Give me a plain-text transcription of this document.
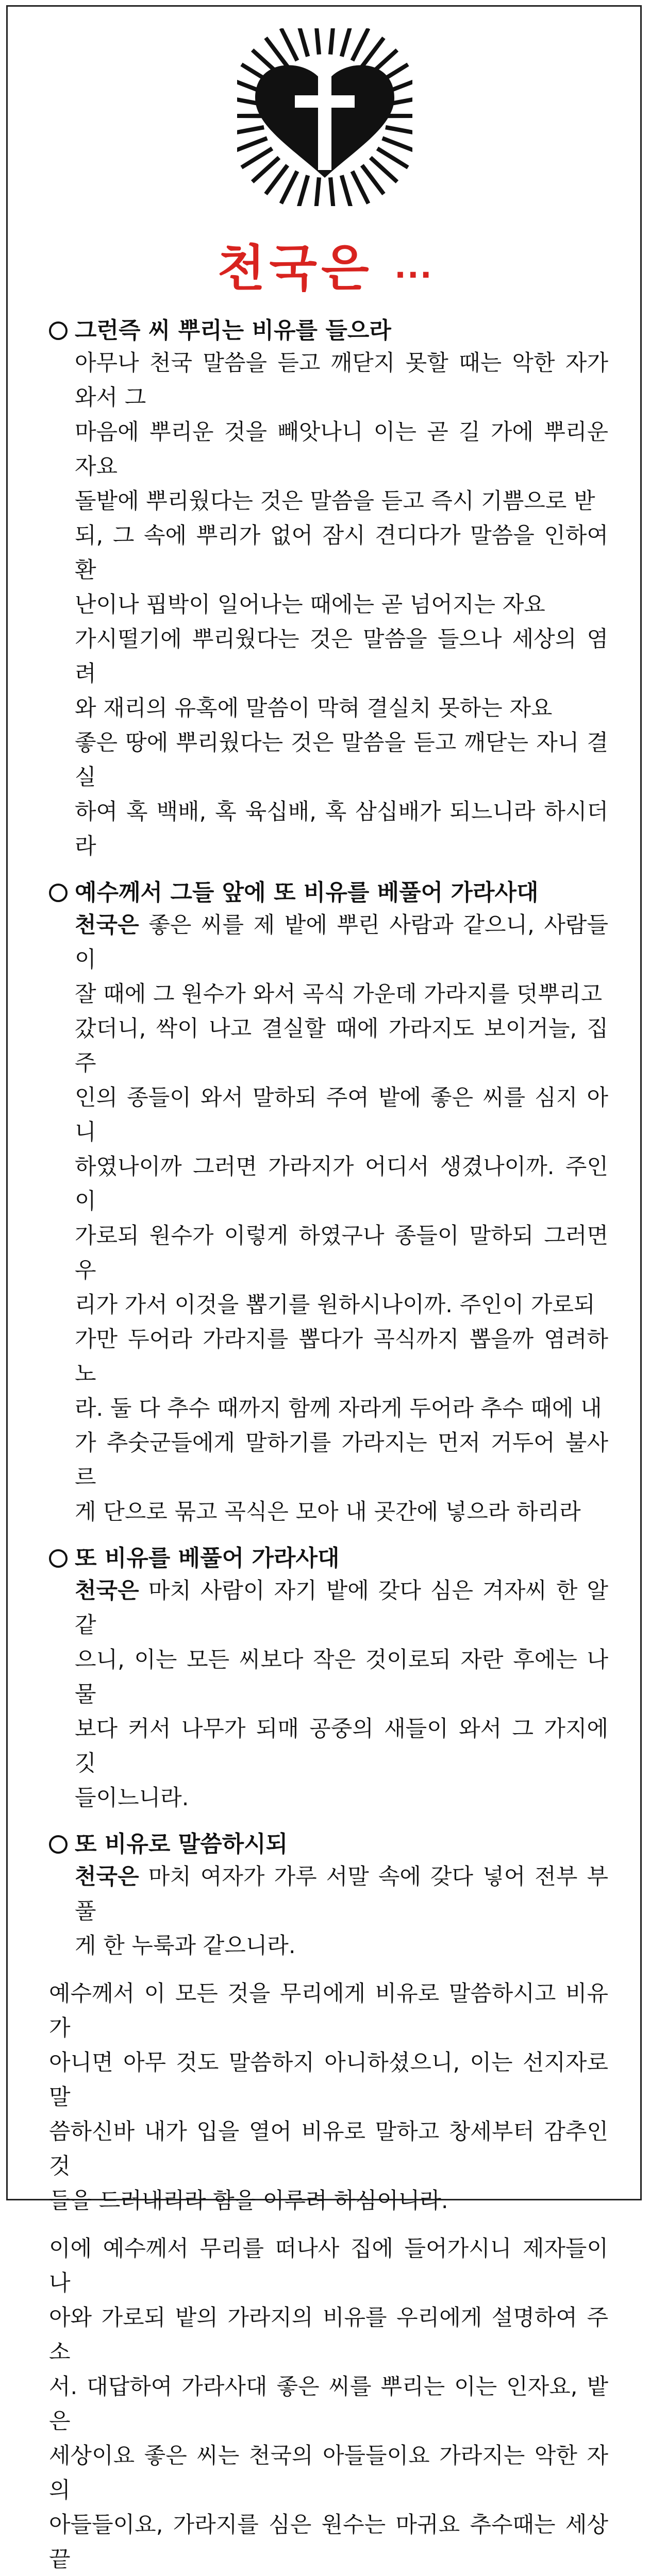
천국은 ···
그런즉 씨 뿌리는 비유를 들으라
아무나 천국 말씀을 듣고 깨닫지 못할 때는 악한 자가 와서 그
마음에 뿌리운 것을 빼앗나니 이는 곧 길 가에 뿌리운 자요
돌밭에 뿌리웠다는 것은 말씀을 듣고 즉시 기쁨으로 받
되, 그 속에 뿌리가 없어 잠시 견디다가 말씀을 인하여 환
난이나 핍박이 일어나는 때에는 곧 넘어지는 자요
가시떨기에 뿌리웠다는 것은 말씀을 들으나 세상의 염려
와 재리의 유혹에 말씀이 막혀 결실치 못하는 자요
좋은 땅에 뿌리웠다는 것은 말씀을 듣고 깨닫는 자니 결실
하여 혹 백배, 혹 육십배, 혹 삼십배가 되느니라 하시더라
예수께서 그들 앞에 또 비유를 베풀어 가라사대
천국은 좋은 씨를 제 밭에 뿌린 사람과 같으니, 사람들이
잘 때에 그 원수가 와서 곡식 가운데 가라지를 덧뿌리고
갔더니, 싹이 나고 결실할 때에 가라지도 보이거늘, 집 주
인의 종들이 와서 말하되 주여 밭에 좋은 씨를 심지 아니
하였나이까 그러면 가라지가 어디서 생겼나이까. 주인이
가로되 원수가 이렇게 하였구나 종들이 말하되 그러면 우
리가 가서 이것을 뽑기를 원하시나이까. 주인이 가로되
가만 두어라 가라지를 뽑다가 곡식까지 뽑을까 염려하노
라. 둘 다 추수 때까지 함께 자라게 두어라 추수 때에 내
가 추숫군들에게 말하기를 가라지는 먼저 거두어 불사르
게 단으로 묶고 곡식은 모아 내 곳간에 넣으라 하리라
또 비유를 베풀어 가라사대
천국은 마치 사람이 자기 밭에 갖다 심은 겨자씨 한 알 같
으니, 이는 모든 씨보다 작은 것이로되 자란 후에는 나물
보다 커서 나무가 되매 공중의 새들이 와서 그 가지에 깃
들이느니라.
또 비유로 말씀하시되
천국은 마치 여자가 가루 서말 속에 갖다 넣어 전부 부풀
게 한 누룩과 같으니라.
예수께서 이 모든 것을 무리에게 비유로 말씀하시고 비유가
아니면 아무 것도 말씀하지 아니하셨으니, 이는 선지자로 말
씀하신바 내가 입을 열어 비유로 말하고 창세부터 감추인 것
들을 드러내리라 함을 이루려 하심이니라.
이에 예수께서 무리를 떠나사 집에 들어가시니 제자들이 나
아와 가로되 밭의 가라지의 비유를 우리에게 설명하여 주소
서. 대답하여 가라사대 좋은 씨를 뿌리는 이는 인자요, 밭은
세상이요 좋은 씨는 천국의 아들들이요 가라지는 악한 자의
아들들이요, 가라지를 심은 원수는 마귀요 추수때는 세상 끝
